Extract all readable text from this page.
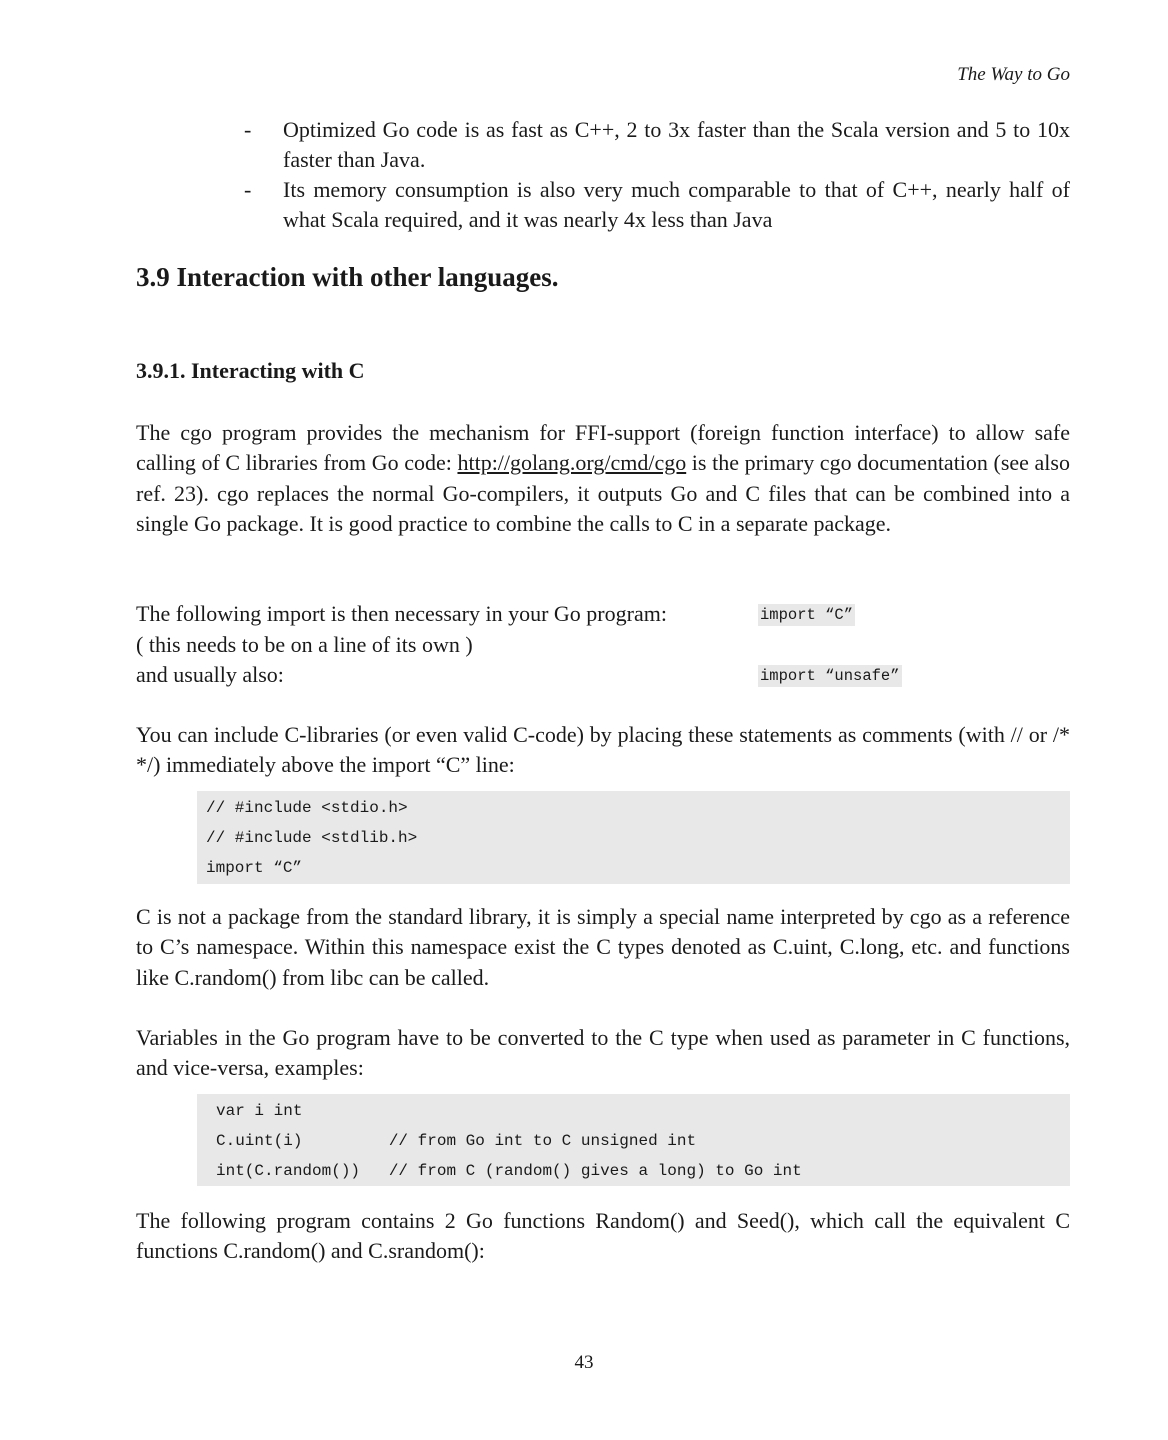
The Way to Go
- Optimized Go code is as fast as C++, 2 to 3x faster than the Scala version and 5 to 10x faster than Java.
- Its memory consumption is also very much comparable to that of C++, nearly half of what Scala required, and it was nearly 4x less than Java
3.9 Interaction with other languages.
3.9.1. Interacting with C
The cgo program provides the mechanism for FFI-support (foreign function interface) to allow safe calling of C libraries from Go code: http://golang.org/cmd/cgo is the primary cgo documentation (see also ref. 23). cgo replaces the normal Go-compilers, it outputs Go and C files that can be combined into a single Go package. It is good practice to combine the calls to C in a separate package.
The following import is then necessary in your Go program:
( this needs to be on a line of its own )
and usually also:
import “C”
import “unsafe”
You can include C-libraries (or even valid C-code) by placing these statements as comments (with // or /* */) immediately above the import “C” line:
// #include <stdio.h>
// #include <stdlib.h>
import “C”
C is not a package from the standard library, it is simply a special name interpreted by cgo as a reference to C’s namespace. Within this namespace exist the C types denoted as C.uint, C.long, etc. and functions like C.random() from libc can be called.
Variables in the Go program have to be converted to the C type when used as parameter in C functions, and vice-versa, examples:
var i int
C.uint(i)         // from Go int to C unsigned int
int(C.random())   // from C (random() gives a long) to Go int
The following program contains 2 Go functions Random() and Seed(), which call the equivalent C functions C.random() and C.srandom():
43
